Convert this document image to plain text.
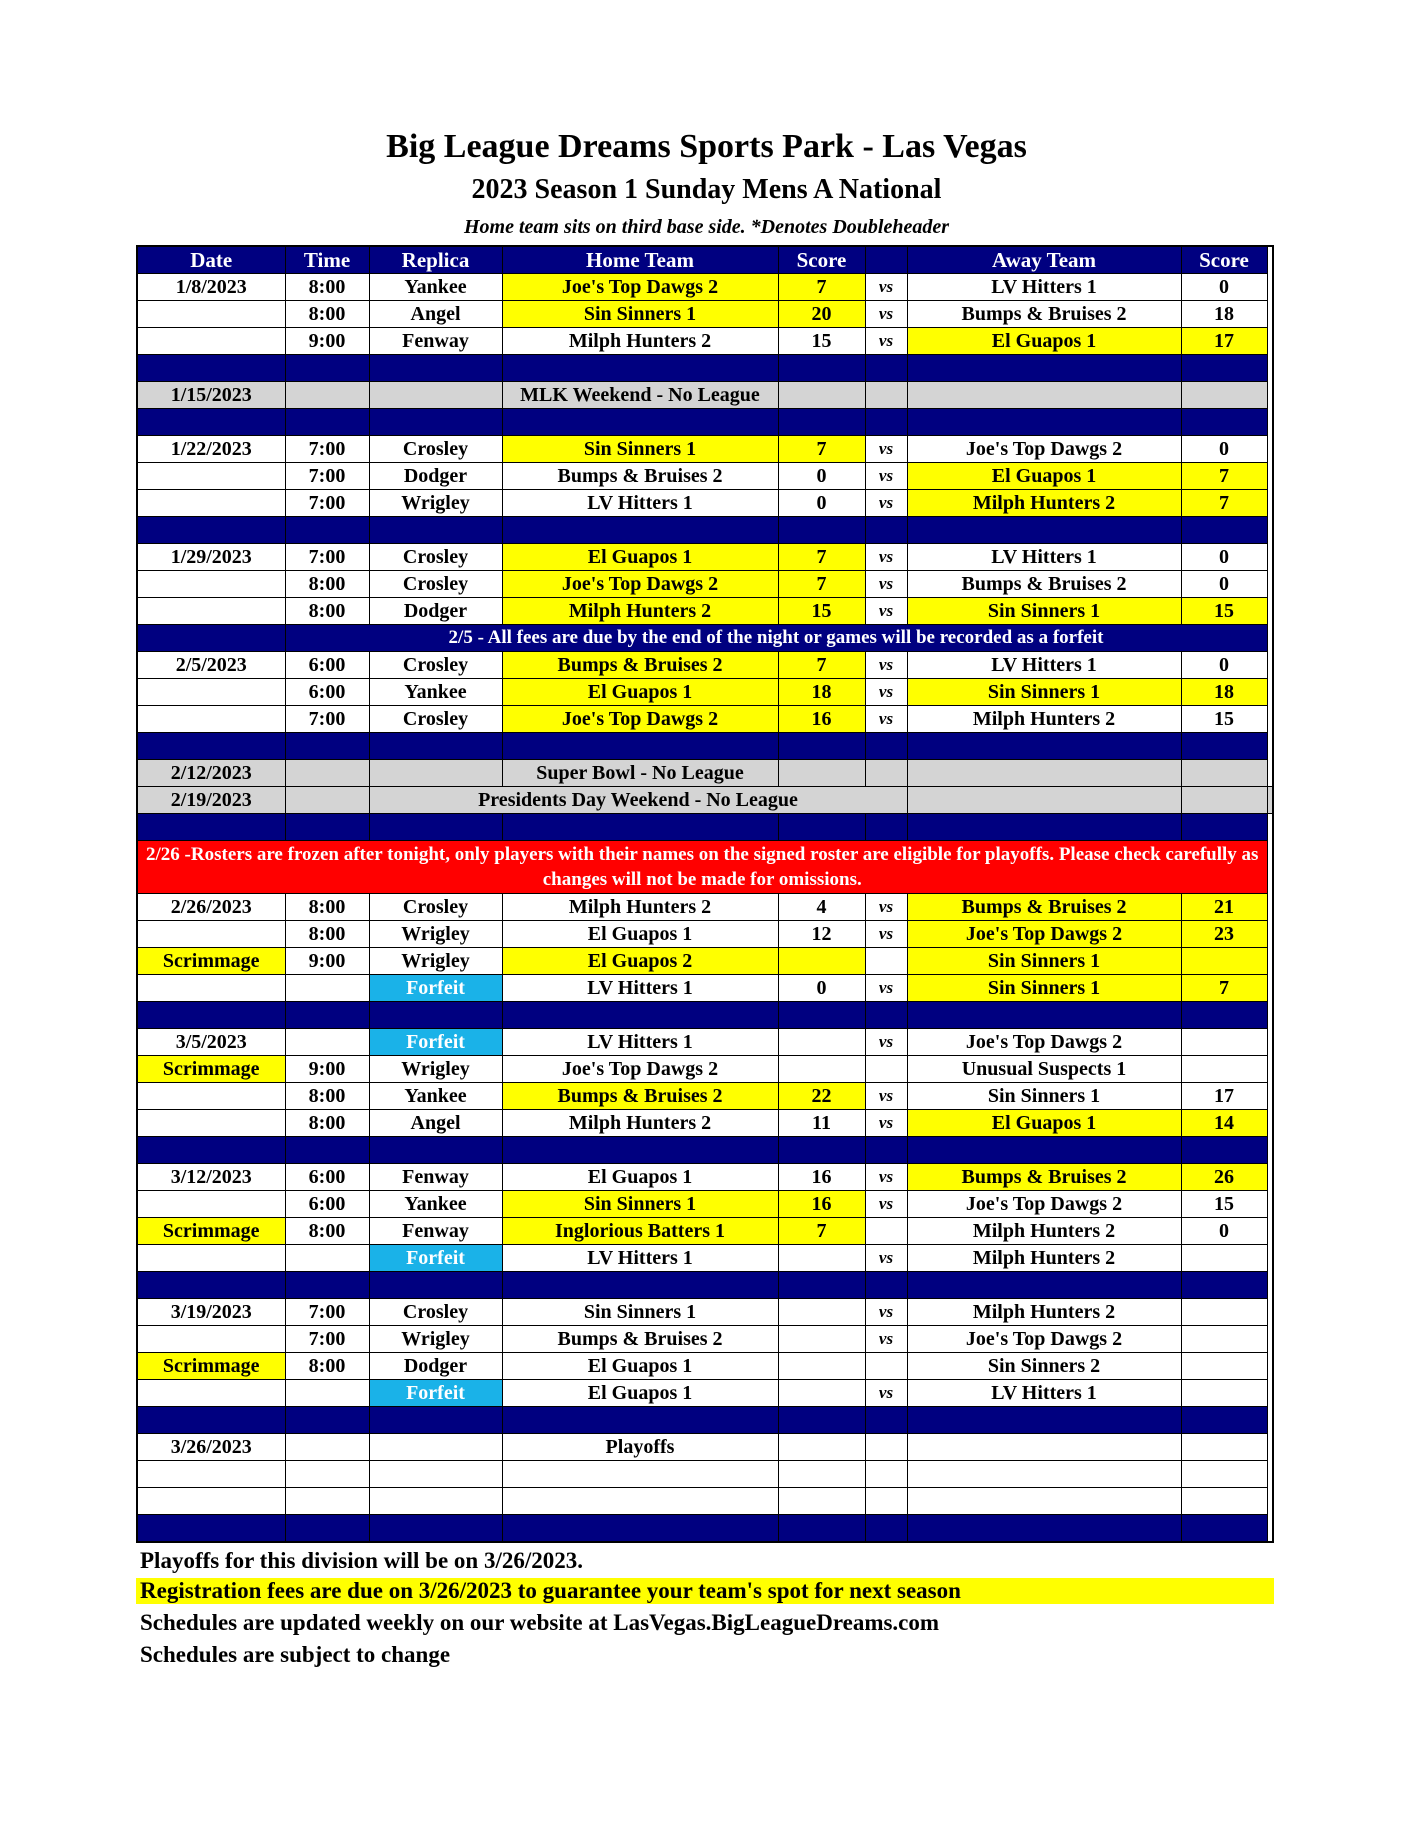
Big League Dreams Sports Park - Las Vegas
2023 Season 1 Sunday Mens A National
Home team sits on third base side. *Denotes Doubleheader
Date	Time	Replica	Home Team	Score		Away Team	Score	
1/8/2023	8:00	Yankee	Joe's Top Dawgs 2	7	vs	LV Hitters 1	0	
	8:00	Angel	Sin Sinners 1	20	vs	Bumps & Bruises 2	18	
	9:00	Fenway	Milph Hunters 2	15	vs	El Guapos 1	17	

1/15/2023			MLK Weekend - No League					

1/22/2023	7:00	Crosley	Sin Sinners 1	7	vs	Joe's Top Dawgs 2	0	
	7:00	Dodger	Bumps & Bruises 2	0	vs	El Guapos 1	7	
	7:00	Wrigley	LV Hitters 1	0	vs	Milph Hunters 2	7	

1/29/2023	7:00	Crosley	El Guapos 1	7	vs	LV Hitters 1	0	
	8:00	Crosley	Joe's Top Dawgs 2	7	vs	Bumps & Bruises 2	0	
	8:00	Dodger	Milph Hunters 2	15	vs	Sin Sinners 1	15	
	2/5 - All fees are due by the end of the night or games will be recorded as a forfeit							
2/5/2023	6:00	Crosley	Bumps & Bruises 2	7	vs	LV Hitters 1	0	
	6:00	Yankee	El Guapos 1	18	vs	Sin Sinners 1	18	
	7:00	Crosley	Joe's Top Dawgs 2	16	vs	Milph Hunters 2	15	

2/12/2023			Super Bowl - No League					
2/19/2023		Presidents Day Weekend - No League						

2/26 -Rosters are frozen after tonight, only players with their names on the signed roster are eligible for playoffs. Please check carefully as changes will not be made for omissions.								
2/26/2023	8:00	Crosley	Milph Hunters 2	4	vs	Bumps & Bruises 2	21	
	8:00	Wrigley	El Guapos 1	12	vs	Joe's Top Dawgs 2	23	
Scrimmage	9:00	Wrigley	El Guapos 2			Sin Sinners 1		
		Forfeit	LV Hitters 1	0	vs	Sin Sinners 1	7	

3/5/2023		Forfeit	LV Hitters 1		vs	Joe's Top Dawgs 2		
Scrimmage	9:00	Wrigley	Joe's Top Dawgs 2			Unusual Suspects 1		
	8:00	Yankee	Bumps & Bruises 2	22	vs	Sin Sinners 1	17	
	8:00	Angel	Milph Hunters 2	11	vs	El Guapos 1	14	

3/12/2023	6:00	Fenway	El Guapos 1	16	vs	Bumps & Bruises 2	26	
	6:00	Yankee	Sin Sinners 1	16	vs	Joe's Top Dawgs 2	15	
Scrimmage	8:00	Fenway	Inglorious Batters 1	7		Milph Hunters 2	0	
		Forfeit	LV Hitters 1		vs	Milph Hunters 2		

3/19/2023	7:00	Crosley	Sin Sinners 1		vs	Milph Hunters 2		
	7:00	Wrigley	Bumps & Bruises 2		vs	Joe's Top Dawgs 2		
Scrimmage	8:00	Dodger	El Guapos 1			Sin Sinners 2		
		Forfeit	El Guapos 1		vs	LV Hitters 1		

3/26/2023			Playoffs					

Playoffs for this division will be on 3/26/2023.
Registration fees are due on 3/26/2023 to guarantee your team's spot for next season
Schedules are updated weekly on our website at LasVegas.BigLeagueDreams.com
Schedules are subject to change
